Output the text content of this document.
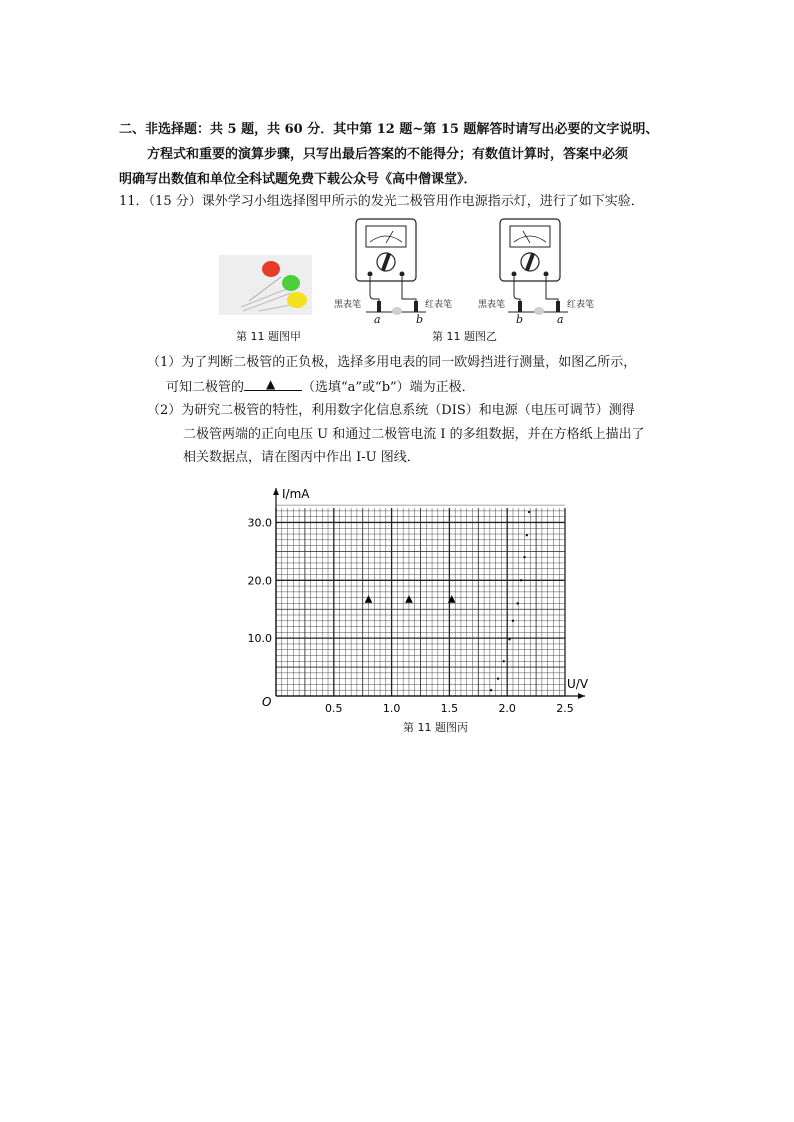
二、非选择题：共 5 题，共 60 分．其中第 12 题~第 15 题解答时请写出必要的文字说明、
方程式和重要的演算步骤，只写出最后答案的不能得分；有数值计算时，答案中必须
明确写出数值和单位全科试题免费下载公众号《高中僧课堂》．
11．（15 分）课外学习小组选择图甲所示的发光二极管用作电源指示灯，进行了如下实验．
第 11 题图甲
黑表笔	红表笔
a	b
黑表笔	红表笔
b	a
第 11 题图乙
（1）为了判断二极管的正负极，选择多用电表的同一欧姆挡进行测量，如图乙所示，
可知二极管的 ▲ （选填“a”或“b”）端为正极．
（2）为研究二极管的特性，利用数字化信息系统（DIS）和电源（电压可调节）测得
二极管两端的正向电压 U 和通过二极管电流 I 的多组数据，并在方格纸上描出了
相关数据点，请在图丙中作出 I-U 图线．
I/mA
U/V
O	0.5	1.0	1.5	2.0	2.5
10.0
20.0
30.0
▲	▲	▲
第 11 题图丙
